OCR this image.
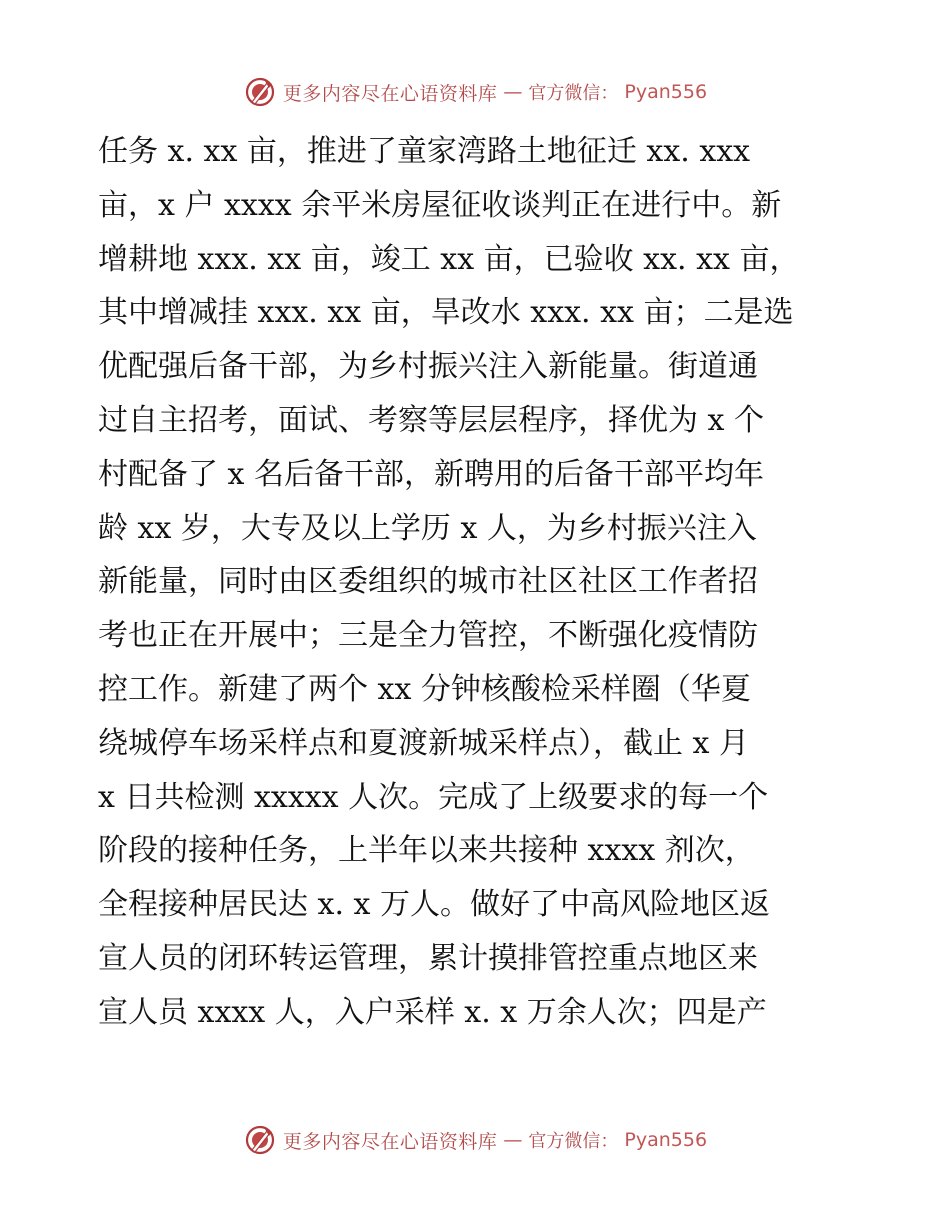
更多内容尽在心语资料库 — 官方微信： Pyan556
任务 x. xx 亩，推进了童家湾路土地征迁 xx. xxx
亩，x 户 xxxx 余平米房屋征收谈判正在进行中。新
增耕地 xxx. xx 亩，竣工 xx 亩，已验收 xx. xx 亩，
其中增减挂 xxx. xx 亩，旱改水 xxx. xx 亩；二是选
优配强后备干部，为乡村振兴注入新能量。街道通
过自主招考，面试、考察等层层程序，择优为 x 个
村配备了 x 名后备干部，新聘用的后备干部平均年
龄 xx 岁，大专及以上学历 x 人，为乡村振兴注入
新能量，同时由区委组织的城市社区社区工作者招
考也正在开展中；三是全力管控，不断强化疫情防
控工作。新建了两个 xx 分钟核酸检采样圈（华夏
绕城停车场采样点和夏渡新城采样点），截止 x 月
x 日共检测 xxxxx 人次。完成了上级要求的每一个
阶段的接种任务，上半年以来共接种 xxxx 剂次，
全程接种居民达 x. x 万人。做好了中高风险地区返
宣人员的闭环转运管理，累计摸排管控重点地区来
宣人员 xxxx 人，入户采样 x. x 万余人次；四是产
更多内容尽在心语资料库 — 官方微信： Pyan556
